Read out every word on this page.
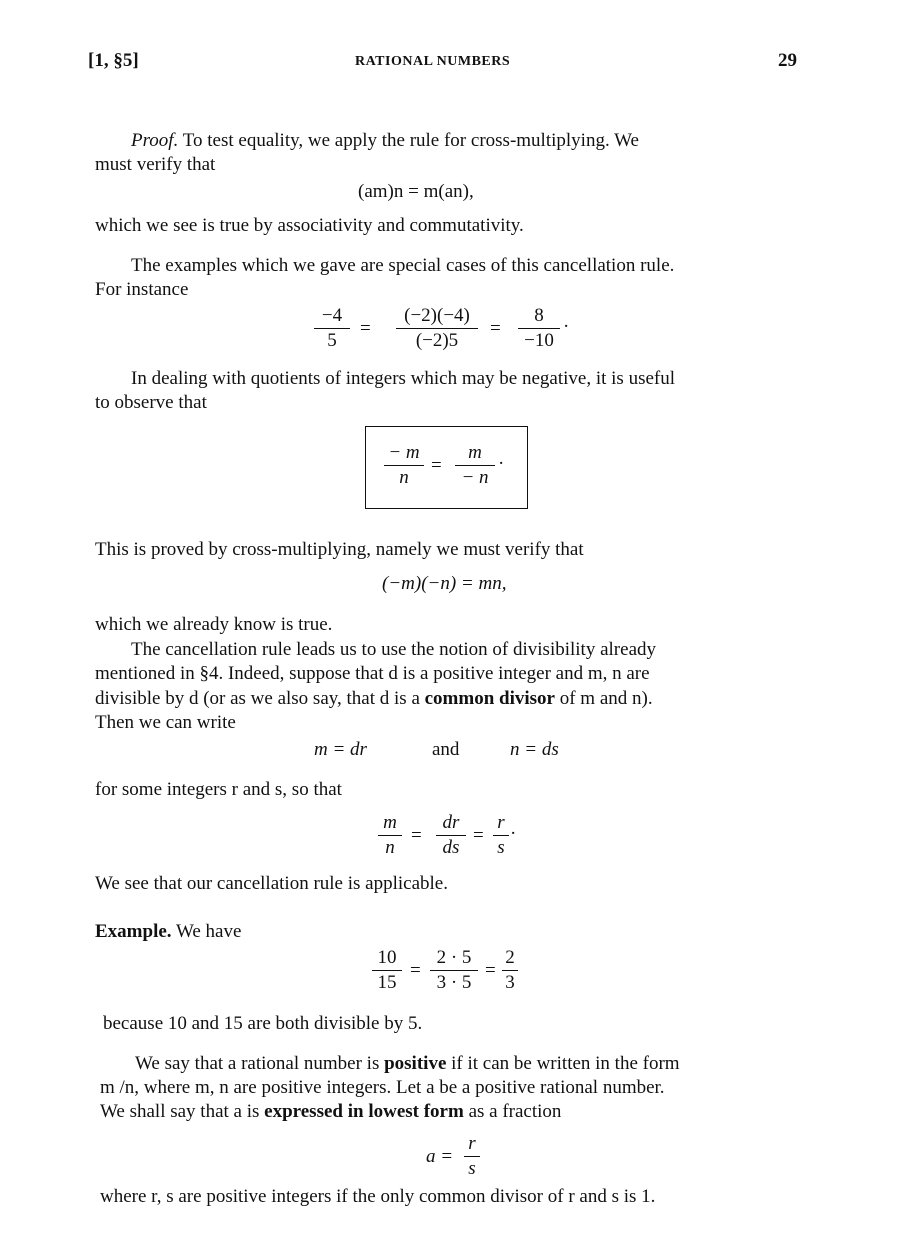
[1, §5]	RATIONAL NUMBERS	29
Proof. To test equality, we apply the rule for cross-multiplying. We
must verify that
(am)n = m(an),
which we see is true by associativity and commutativity.
The examples which we gave are special cases of this cancellation rule.
For instance
−4
5
=
(−2)(−4)
(−2)5
=
8
−10
·
In dealing with quotients of integers which may be negative, it is useful
to observe that
− m
n
=
m
− n
·
This is proved by cross-multiplying, namely we must verify that
(−m)(−n) = mn,
which we already know is true.
The cancellation rule leads us to use the notion of divisibility already
mentioned in §4. Indeed, suppose that d is a positive integer and m, n are
divisible by d (or as we also say, that d is a common divisor of m and n).
Then we can write
m = dr	and	n = ds
for some integers r and s, so that
m
n
=
dr
ds
=
r
s
·
We see that our cancellation rule is applicable.
Example. We have
10
15
=
2 · 5
3 · 5
=
2
3
because 10 and 15 are both divisible by 5.
We say that a rational number is positive if it can be written in the form
m /n, where m, n are positive integers. Let a be a positive rational number.
We shall say that a is expressed in lowest form as a fraction
a =
r
s
where r, s are positive integers if the only common divisor of r and s is 1.
